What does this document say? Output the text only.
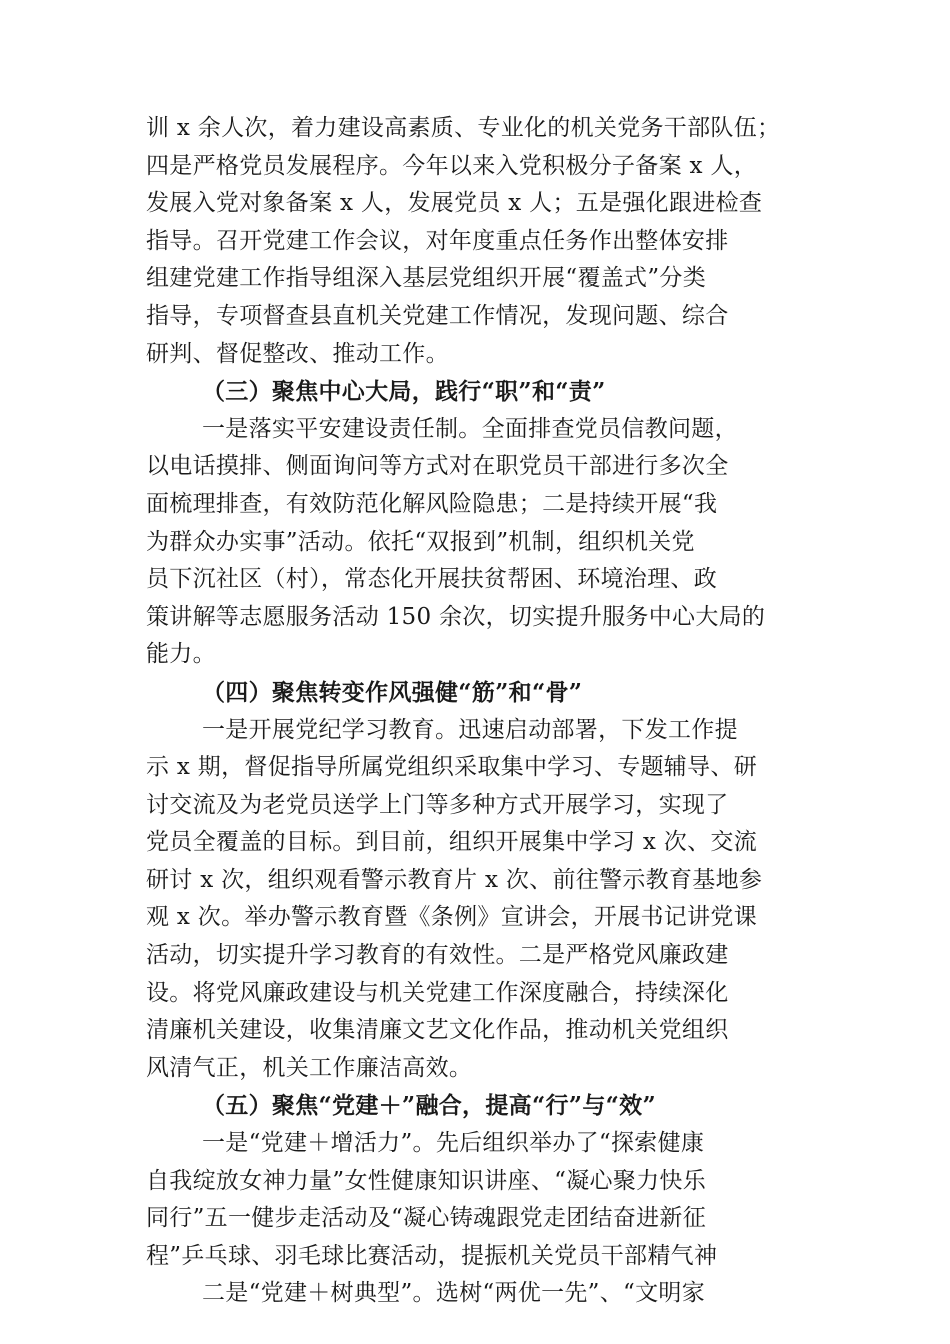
训 x 余人次，着力建设高素质、专业化的机关党务干部队伍；
四是严格党员发展程序。今年以来入党积极分子备案 x 人，
发展入党对象备案 x 人，发展党员 x 人；五是强化跟进检查
指导。召开党建工作会议，对年度重点任务作出整体安排
组建党建工作指导组深入基层党组织开展“覆盖式”分类
指导，专项督查县直机关党建工作情况，发现问题、综合
研判、督促整改、推动工作。
（三）聚焦中心大局，践行“职”和“责”
一是落实平安建设责任制。全面排查党员信教问题，
以电话摸排、侧面询问等方式对在职党员干部进行多次全
面梳理排查，有效防范化解风险隐患；二是持续开展“我
为群众办实事”活动。依托“双报到”机制，组织机关党
员下沉社区（村），常态化开展扶贫帮困、环境治理、政
策讲解等志愿服务活动 150 余次，切实提升服务中心大局的
能力。
（四）聚焦转变作风强健“筋”和“骨”
一是开展党纪学习教育。迅速启动部署，下发工作提
示 x 期，督促指导所属党组织采取集中学习、专题辅导、研
讨交流及为老党员送学上门等多种方式开展学习，实现了
党员全覆盖的目标。到目前，组织开展集中学习 x 次、交流
研讨 x 次，组织观看警示教育片 x 次、前往警示教育基地参
观 x 次。举办警示教育暨《条例》宣讲会，开展书记讲党课
活动，切实提升学习教育的有效性。二是严格党风廉政建
设。将党风廉政建设与机关党建工作深度融合，持续深化
清廉机关建设，收集清廉文艺文化作品，推动机关党组织
风清气正，机关工作廉洁高效。
（五）聚焦“党建＋”融合，提高“行”与“效”
一是“党建＋增活力”。先后组织举办了“探索健康
自我绽放女神力量”女性健康知识讲座、“凝心聚力快乐
同行”五一健步走活动及“凝心铸魂跟党走团结奋进新征
程”乒乓球、羽毛球比赛活动，提振机关党员干部精气神
二是“党建＋树典型”。选树“两优一先”、“文明家
